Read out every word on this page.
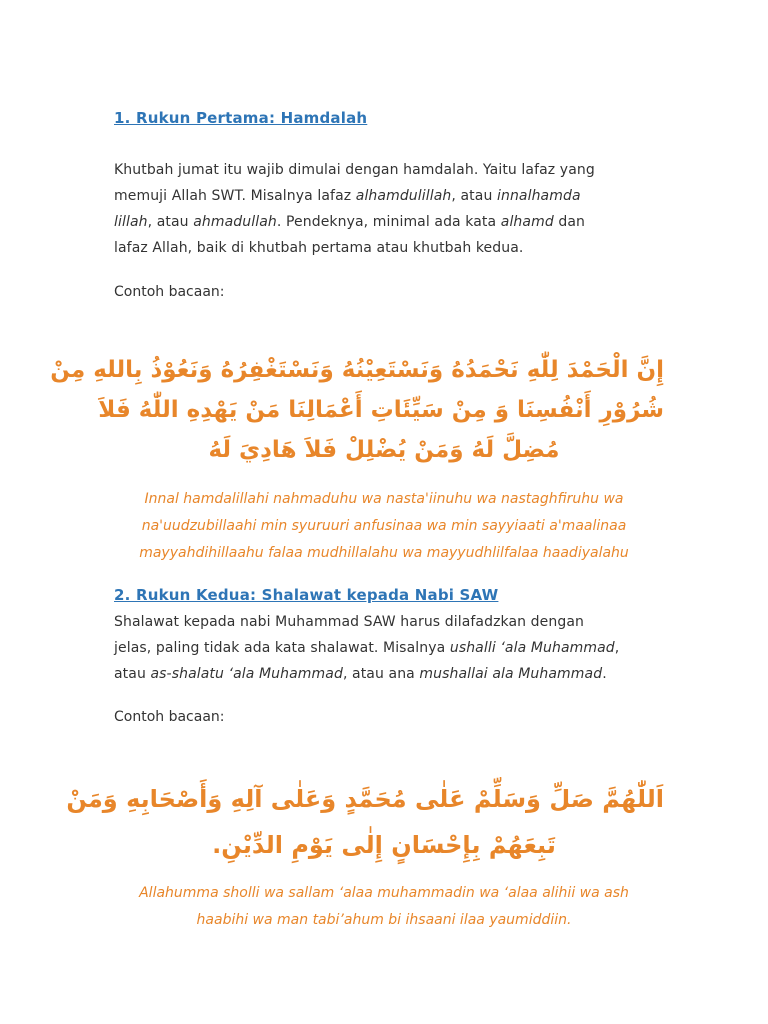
1. Rukun Pertama: Hamdalah

Khutbah jumat itu wajib dimulai dengan hamdalah. Yaitu lafaz yang

memuji Allah SWT. Misalnya lafaz alhamdulillah, atau innalhamda

lillah, atau ahmadullah. Pendeknya, minimal ada kata alhamd dan

lafaz Allah, baik di khutbah pertama atau khutbah kedua.

Contoh bacaan:

إِنَّ الْحَمْدَ لِلّٰهِ نَحْمَدُهُ وَنَسْتَعِيْنُهُ وَنَسْتَغْفِرُهُ وَنَعُوْذُ بِاللهِ مِنْ

شُرُوْرِ أَنْفُسِنَا وَ مِنْ سَيِّئَاتِ أَعْمَالِنَا مَنْ يَهْدِهِ اللّٰهُ فَلاَ

مُضِلَّ لَهُ وَمَنْ يُضْلِلْ فَلاَ هَادِيَ لَهُ

Innal hamdalillahi nahmaduhu wa nasta'iinuhu wa nastaghfiruhu wa

na'uudzubillaahi min syuruuri anfusinaa wa min sayyiaati a'maalinaa

mayyahdihillaahu falaa mudhillalahu wa mayyudhlilfalaa haadiyalahu

2. Rukun Kedua: Shalawat kepada Nabi SAW

Shalawat kepada nabi Muhammad SAW harus dilafadzkan dengan

jelas, paling tidak ada kata shalawat. Misalnya ushalli ‘ala Muhammad,

atau as-shalatu ‘ala Muhammad, atau ana mushallai ala Muhammad.

Contoh bacaan:

اَللّٰهُمَّ صَلِّ وَسَلِّمْ عَلٰى مُحَمَّدٍ وَعَلٰى آلِهِ وَأَصْحَابِهِ وَمَنْ

تَبِعَهُمْ بِإِحْسَانٍ إِلٰى يَوْمِ الدِّيْنِ.

Allahumma sholli wa sallam ‘alaa muhammadin wa ‘alaa alihii wa ash

haabihi wa man tabi’ahum bi ihsaani ilaa yaumiddiin.
